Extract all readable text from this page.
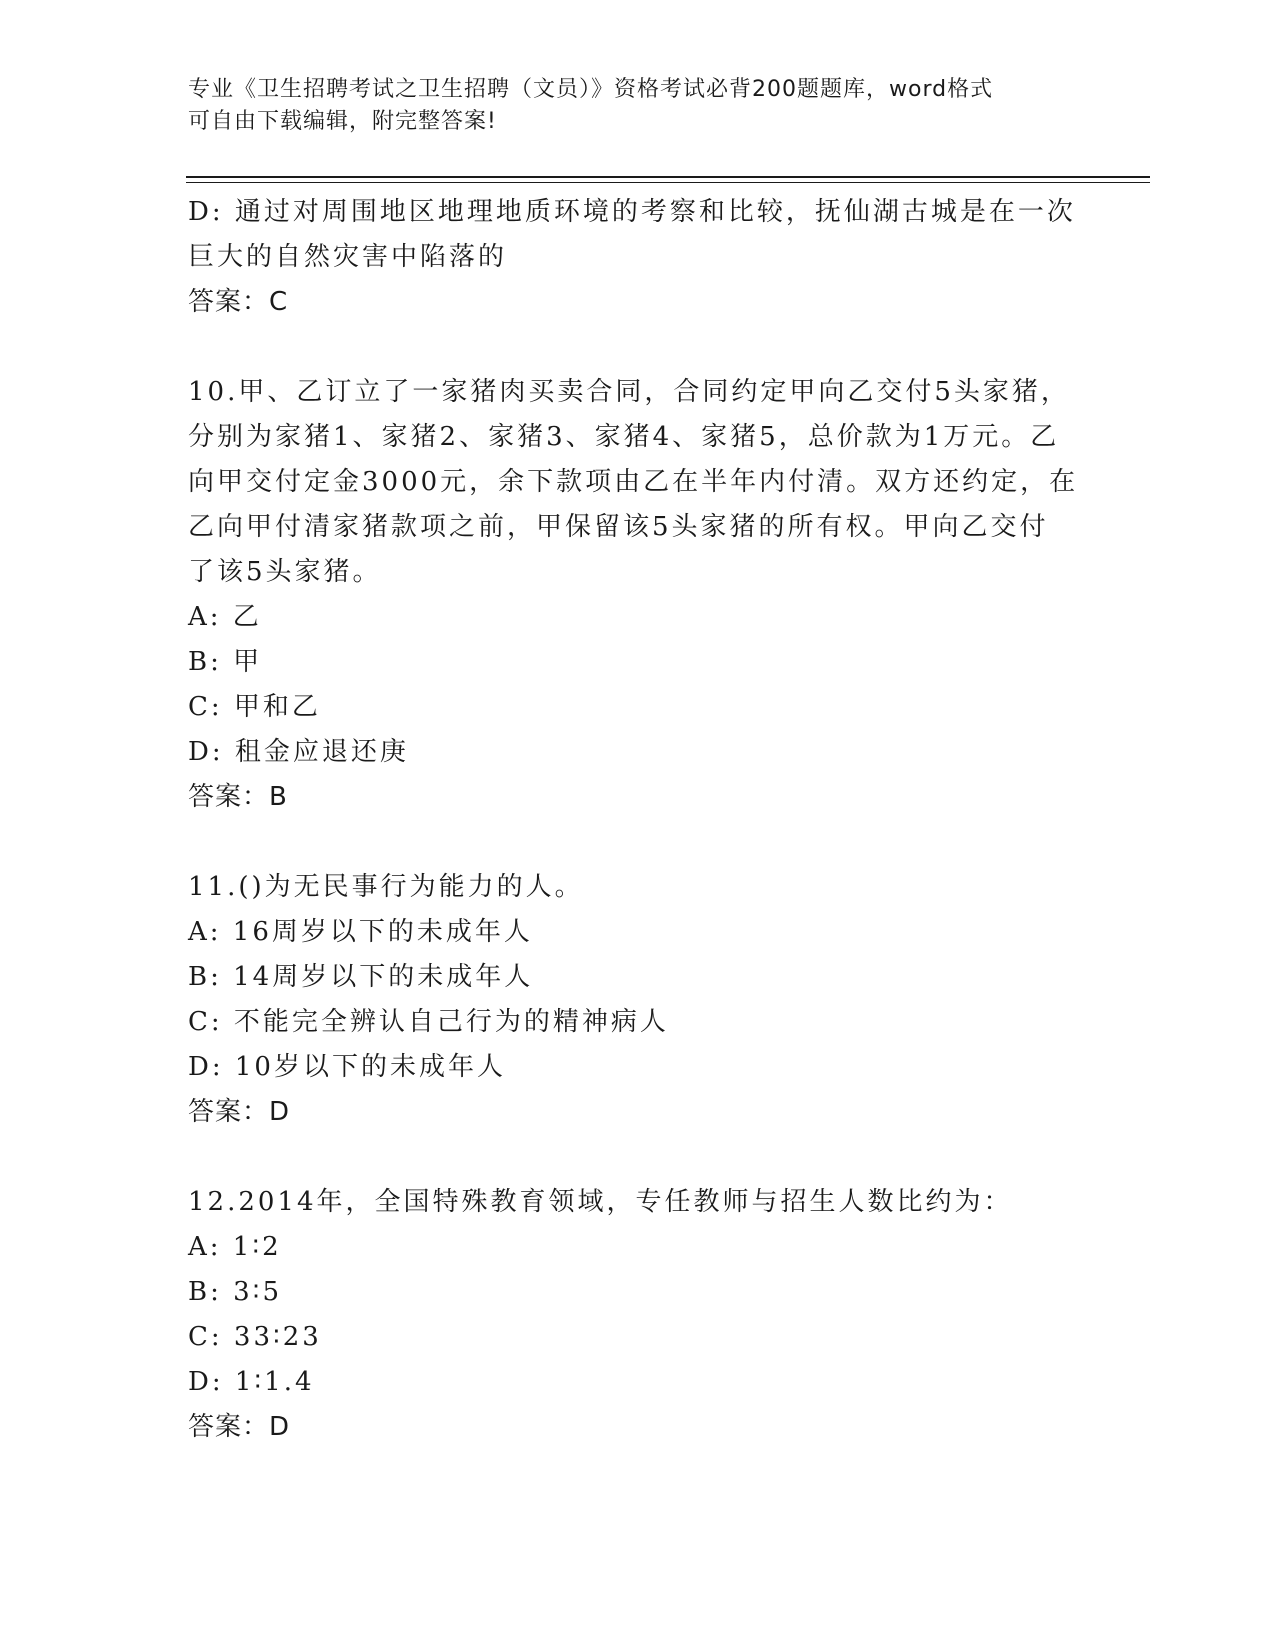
专业《卫生招聘考试之卫生招聘（文员）》资格考试必背200题题库，word格式
可自由下载编辑，附完整答案!

D: 通过对周围地区地理地质环境的考察和比较，抚仙湖古城是在一次

巨大的自然灾害中陷落的

答案：C

10.甲、乙订立了一家猪肉买卖合同，合同约定甲向乙交付5头家猪，

分别为家猪1、家猪2、家猪3、家猪4、家猪5，总价款为1万元。乙

向甲交付定金3000元，余下款项由乙在半年内付清。双方还约定，在

乙向甲付清家猪款项之前，甲保留该5头家猪的所有权。甲向乙交付

了该5头家猪。

A: 乙

B: 甲

C: 甲和乙

D: 租金应退还庚

答案：B

11.()为无民事行为能力的人。

A: 16周岁以下的未成年人

B: 14周岁以下的未成年人

C: 不能完全辨认自己行为的精神病人

D: 10岁以下的未成年人

答案：D

12.2014年，全国特殊教育领域，专任教师与招生人数比约为：

A: 1∶2

B: 3∶5

C: 33∶23

D: 1∶1.4

答案：D
